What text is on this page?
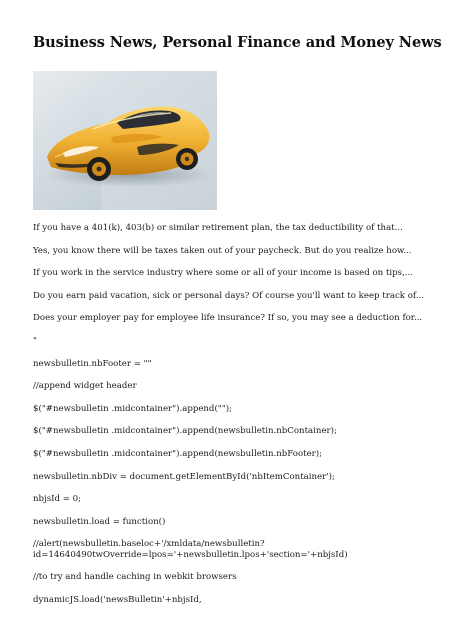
Business News, Personal Finance and Money News

If you have a 401(k), 403(b) or similar retirement plan, the tax deductibility of that...

Yes, you know there will be taxes taken out of your paycheck. But do you realize how...

If you work in the service industry where some or all of your income is based on tips,...

Do you earn paid vacation, sick or personal days? Of course you'll want to keep track of...

Does your employer pay for employee life insurance? If so, you may see a deduction for...

"

newsbulletin.nbFooter = ""

//append widget header

$("#newsbulletin .midcontainer").append("");

$("#newsbulletin .midcontainer").append(newsbulletin.nbContainer);

$("#newsbulletin .midcontainer").append(newsbulletin.nbFooter);

newsbulletin.nbDiv = document.getElementById('nbItemContainer');

nbjsId = 0;

newsbulletin.load = function()

//alert(newsbulletin.baseloc+'/xmldata/newsbulletin?id=14640490twOverride=lpos='+newsbulletin.lpos+'section='+nbjsId)

//to try and handle caching in webkit browsers

dynamicJS.load('newsBulletin'+nbjsId,
